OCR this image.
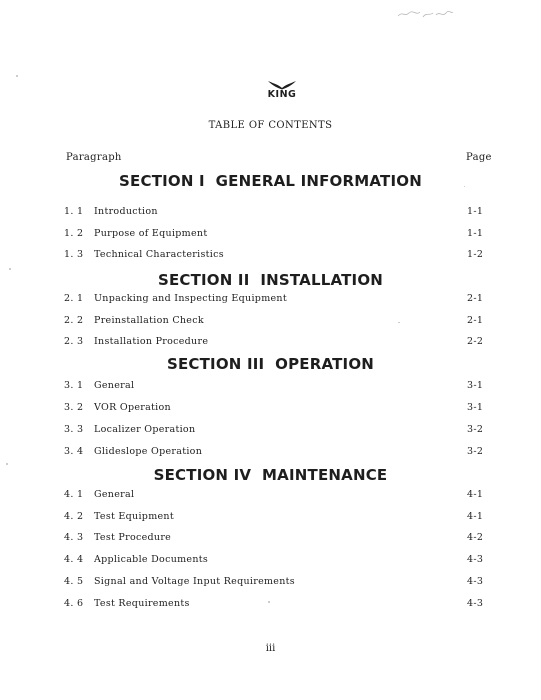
KING
TABLE OF CONTENTS
Paragraph	Page
SECTION I  GENERAL INFORMATION
1. 1 Introduction	1-1
1. 2 Purpose of Equipment	1-1
1. 3 Technical Characteristics	1-2
SECTION II  INSTALLATION
2. 1 Unpacking and Inspecting Equipment	2-1
2. 2 Preinstallation Check	2-1
2. 3 Installation Procedure	2-2
SECTION III  OPERATION
3. 1 General	3-1
3. 2 VOR Operation	3-1
3. 3 Localizer Operation	3-2
3. 4 Glideslope Operation	3-2
SECTION IV  MAINTENANCE
4. 1 General	4-1
4. 2 Test Equipment	4-1
4. 3 Test Procedure	4-2
4. 4 Applicable Documents	4-3
4. 5 Signal and Voltage Input Requirements	4-3
4. 6 Test Requirements	4-3
iii
